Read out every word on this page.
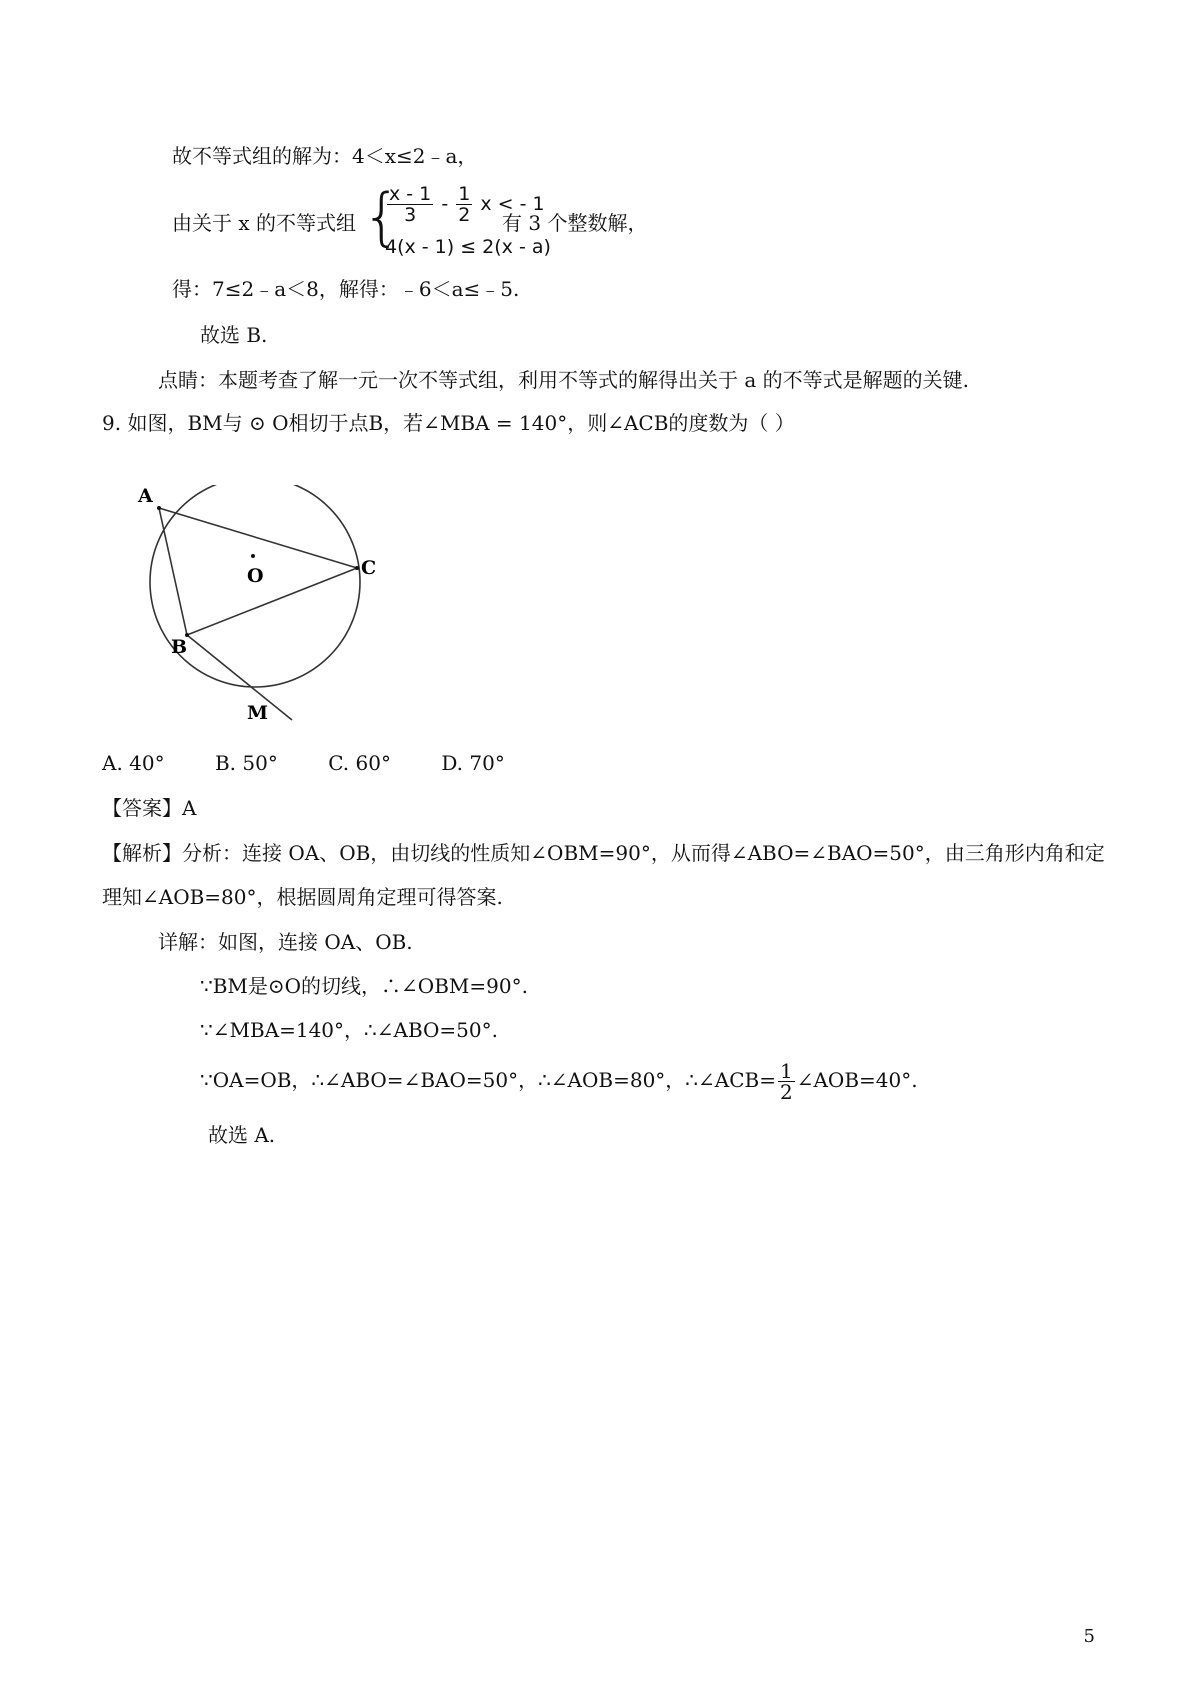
故不等式组的解为：4＜x≤2﹣a，
由关于 x 的不等式组 {
$\frac{x - 1}{3} - \frac{1}{2}$ x < - 1
4(x - 1) ≤ 2(x - a)
有 3 个整数解，
得：7≤2﹣a＜8，解得：﹣6＜a≤﹣5.
故选 B.
点睛：本题考查了解一元一次不等式组，利用不等式的解得出关于 a 的不等式是解题的关键.
9. 如图，BM与 ⊙ O相切于点B，若∠MBA = 140°，则∠ACB的度数为（ ）
A
O	C
B
M
A. 40°	B. 50°	C. 60°	D. 70°
【答案】A
【解析】分析：连接 OA、OB，由切线的性质知∠OBM=90°，从而得∠ABO=∠BAO=50°，由三角形内角和定
理知∠AOB=80°，根据圆周角定理可得答案.
详解：如图，连接 OA、OB.
∵BM是⊙O的切线，∴∠OBM=90°.
∵∠MBA=140°，∴∠ABO=50°.
∵OA=OB，∴∠ABO=∠BAO=50°，∴∠AOB=80°，∴∠ACB= $\frac{1}{2}$ ∠AOB=40°.
故选 A.
5
